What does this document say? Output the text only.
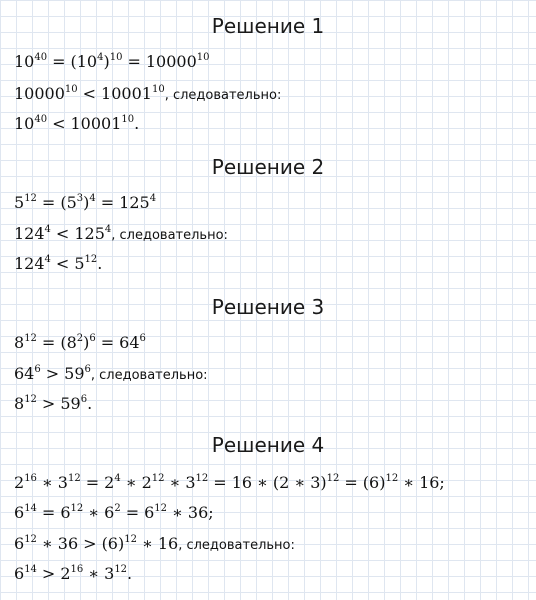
Решение 1
$10^{40} = (10^4)^{10} = 10000^{10}$
$10000^{10} < 10001^{10}$, следовательно:
$10^{40} < 10001^{10}$.
Решение 2
$5^{12} = (5^3)^4 = 125^4$
$124^4 < 125^4$, следовательно:
$124^4 < 5^{12}$.
Решение 3
$8^{12} = (8^2)^6 = 64^6$
$64^6 > 59^6$, следовательно:
$8^{12} > 59^6$.
Решение 4
$2^{16}$ ∗ $3^{12} = 2^4$ ∗ $2^{12}$ ∗ $3^{12} = 16$ ∗ (2 ∗ $3)^{12} = (6)^{12}$ ∗ 16;
$6^{14} = 6^{12}$ ∗ $6^2 = 6^{12}$ ∗ 36;
$6^{12}$ ∗ $36 > (6)^{12}$ ∗ 16, следовательно:
$6^{14} > 2^{16}$ ∗ $3^{12}$.
